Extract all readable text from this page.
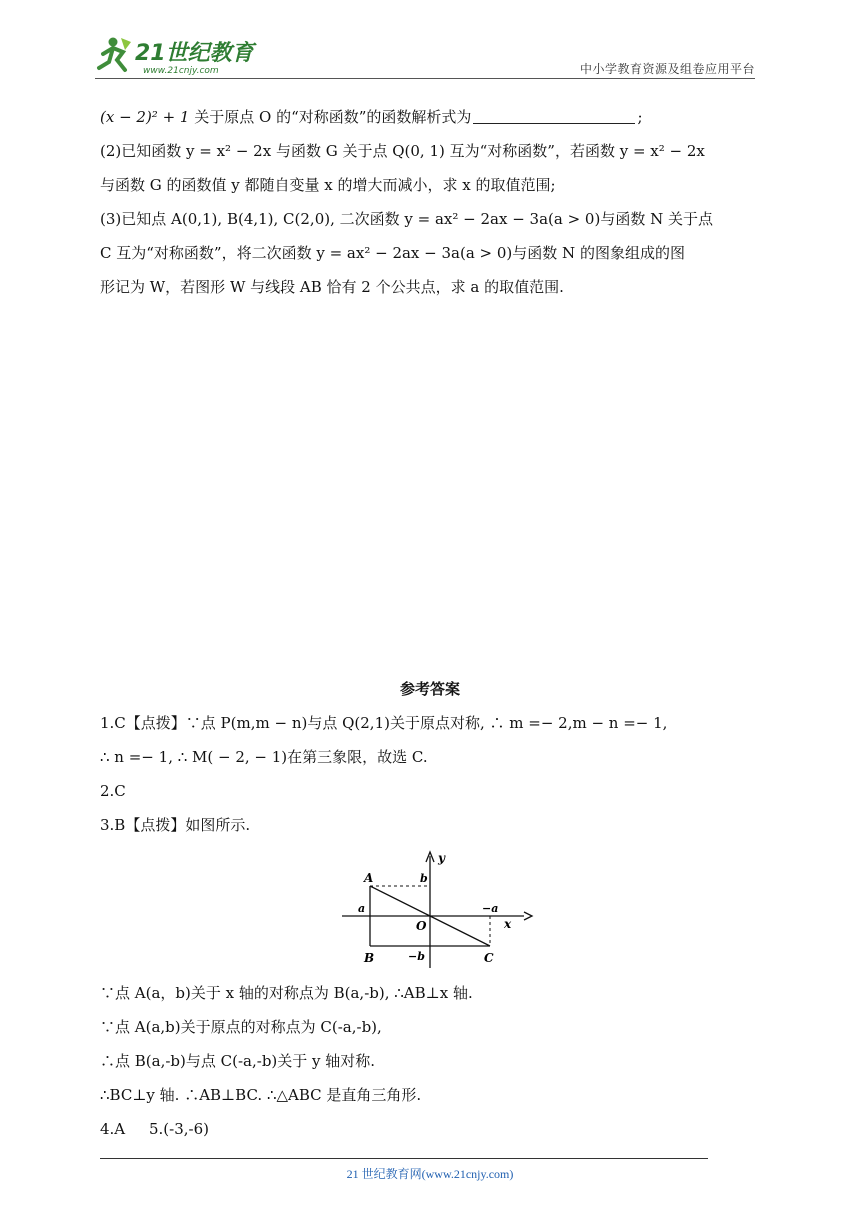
21世纪教育
www.21cnjy.com	中小学教育资源及组卷应用平台
(x − 2)² + 1 关于原点 O 的“对称函数”的函数解析式为	;
(2)已知函数 y = x² − 2x 与函数 G 关于点 Q(0, 1) 互为“对称函数”，若函数 y = x² − 2x
与函数 G 的函数值 y 都随自变量 x 的增大而减小，求 x 的取值范围;
(3)已知点 A(0,1), B(4,1), C(2,0), 二次函数 y = ax² − 2ax − 3a(a > 0)与函数 N 关于点
C 互为“对称函数”，将二次函数 y = ax² − 2ax − 3a(a > 0)与函数 N 的图象组成的图
形记为 W，若图形 W 与线段 AB 恰有 2 个公共点，求 a 的取值范围.
参考答案
1.C【点拨】∵点 P(m,m − n)与点 Q(2,1)关于原点对称, ∴ m =− 2,m − n =− 1,
∴ n =− 1, ∴ M( − 2, − 1)在第三象限，故选 C.
2.C
3.B【点拨】如图所示.
A
B	C
O
y
x
a
b
−a
−b
∵点 A(a，b)关于 x 轴的对称点为 B(a,-b), ∴AB⊥x 轴.
∵点 A(a,b)关于原点的对称点为 C(-a,-b),
∴点 B(a,-b)与点 C(-a,-b)关于 y 轴对称.
∴BC⊥y 轴. ∴AB⊥BC. ∴△ABC 是直角三角形.
4.A     5.(-3,-6)
21 世纪教育网(www.21cnjy.com)
